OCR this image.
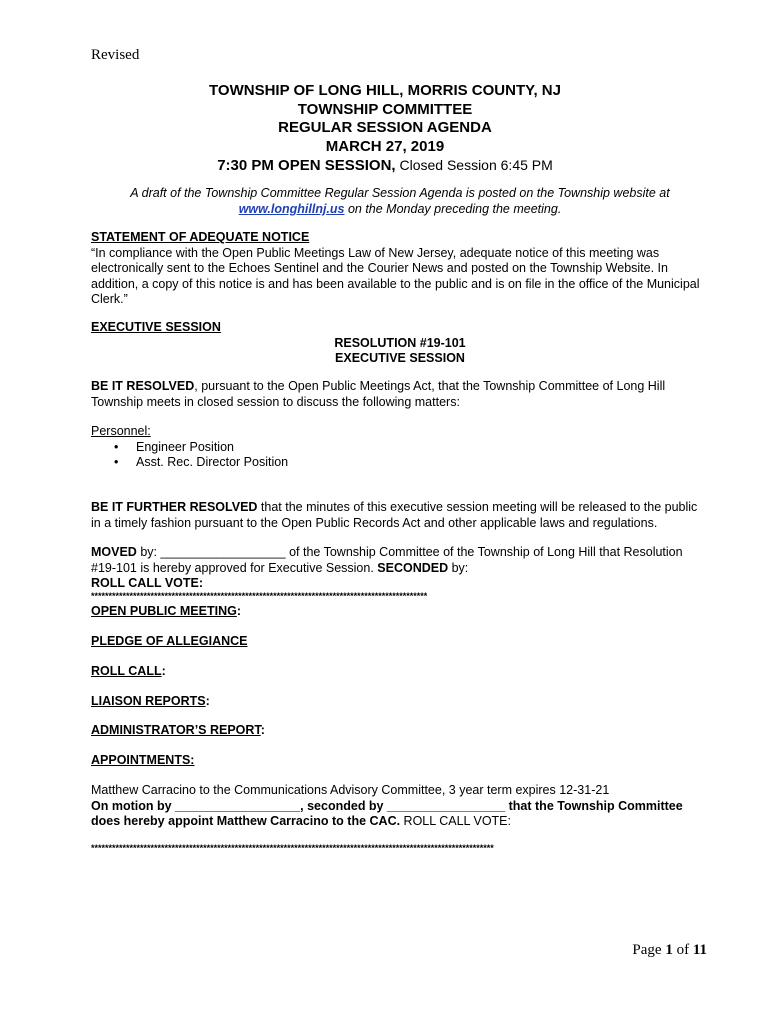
Revised
TOWNSHIP OF LONG HILL, MORRIS COUNTY, NJ
TOWNSHIP COMMITTEE
REGULAR SESSION AGENDA
MARCH 27, 2019
7:30 PM OPEN SESSION, Closed Session 6:45 PM
A draft of the Township Committee Regular Session Agenda is posted on the Township website at
www.longhillnj.us on the Monday preceding the meeting.
STATEMENT OF ADEQUATE NOTICE
“In compliance with the Open Public Meetings Law of New Jersey, adequate notice of this meeting was electronically sent to the Echoes Sentinel and the Courier News and posted on the Township Website. In addition, a copy of this notice is and has been available to the public and is on file in the office of the Municipal Clerk.”
EXECUTIVE SESSION
RESOLUTION #19-101
EXECUTIVE SESSION
BE IT RESOLVED, pursuant to the Open Public Meetings Act, that the Township Committee of Long Hill Township meets in closed session to discuss the following matters:
Personnel:
• Engineer Position
• Asst. Rec. Director Position
BE IT FURTHER RESOLVED that the minutes of this executive session meeting will be released to the public in a timely fashion pursuant to the Open Public Records Act and other applicable laws and regulations.
MOVED by: __________________ of the Township Committee of the Township of Long Hill that Resolution #19-101 is hereby approved for Executive Session. SECONDED by:
ROLL CALL VOTE:
************************************************************************************************
OPEN PUBLIC MEETING:
PLEDGE OF ALLEGIANCE
ROLL CALL:
LIAISON REPORTS:
ADMINISTRATOR’S REPORT:
APPOINTMENTS:
Matthew Carracino to the Communications Advisory Committee, 3 year term expires 12-31-21
On motion by __________________, seconded by _________________ that the Township Committee does hereby appoint Matthew Carracino to the CAC. ROLL CALL VOTE:
*******************************************************************************************************************
Page 1 of 11
